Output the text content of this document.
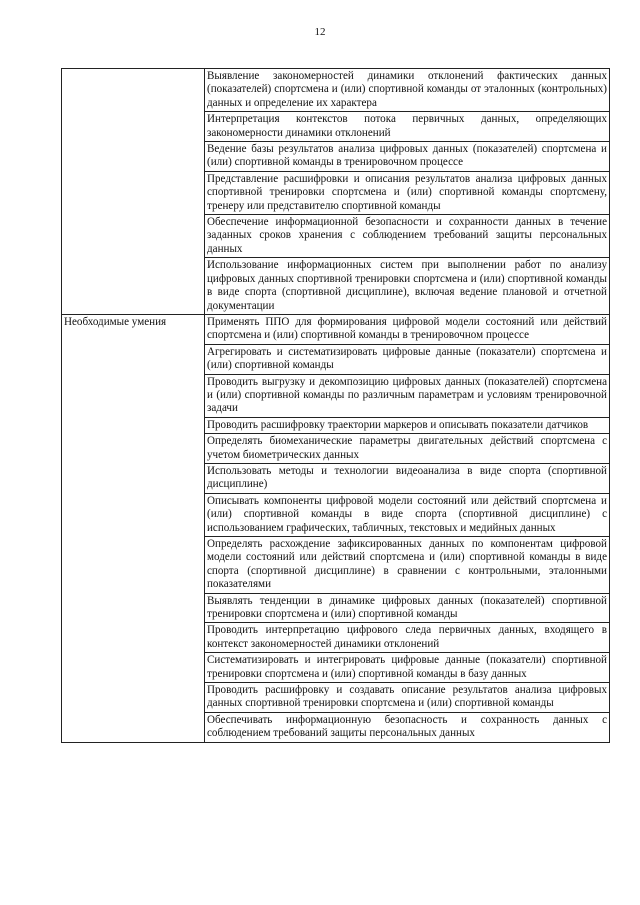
12
	Выявление закономерностей динамики отклонений фактических данных (показателей) спортсмена и (или) спортивной команды от эталонных (контрольных) данных и определение их характера
	Интерпретация контекстов потока первичных данных, определяющих закономерности динамики отклонений
	Ведение базы результатов анализа цифровых данных (показателей) спортсмена и (или) спортивной команды в тренировочном процессе
	Представление расшифровки и описания результатов анализа цифровых данных спортивной тренировки спортсмена и (или) спортивной команды спортсмену, тренеру или представителю спортивной команды
	Обеспечение информационной безопасности и сохранности данных в течение заданных сроков хранения с соблюдением требований защиты персональных данных
	Использование информационных систем при выполнении работ по анализу цифровых данных спортивной тренировки спортсмена и (или) спортивной команды в виде спорта (спортивной дисциплине), включая ведение плановой и отчетной документации
Необходимые умения	Применять ППО для формирования цифровой модели состояний или действий спортсмена и (или) спортивной команды в тренировочном процессе
	Агрегировать и систематизировать цифровые данные (показатели) спортсмена и (или) спортивной команды
	Проводить выгрузку и декомпозицию цифровых данных (показателей) спортсмена и (или) спортивной команды по различным параметрам и условиям тренировочной задачи
	Проводить расшифровку траектории маркеров и описывать показатели датчиков
	Определять биомеханические параметры двигательных действий спортсмена с учетом биометрических данных
	Использовать методы и технологии видеоанализа в виде спорта (спортивной дисциплине)
	Описывать компоненты цифровой модели состояний или действий спортсмена и (или) спортивной команды в виде спорта (спортивной дисциплине) с использованием графических, табличных, текстовых и медийных данных
	Определять расхождение зафиксированных данных по компонентам цифровой модели состояний или действий спортсмена и (или) спортивной команды в виде спорта (спортивной дисциплине) в сравнении с контрольными, эталонными показателями
	Выявлять тенденции в динамике цифровых данных (показателей) спортивной тренировки спортсмена и (или) спортивной команды
	Проводить интерпретацию цифрового следа первичных данных, входящего в контекст закономерностей динамики отклонений
	Систематизировать и интегрировать цифровые данные (показатели) спортивной тренировки спортсмена и (или) спортивной команды в базу данных
	Проводить расшифровку и создавать описание результатов анализа цифровых данных спортивной тренировки спортсмена и (или) спортивной команды
	Обеспечивать информационную безопасность и сохранность данных с соблюдением требований защиты персональных данных
